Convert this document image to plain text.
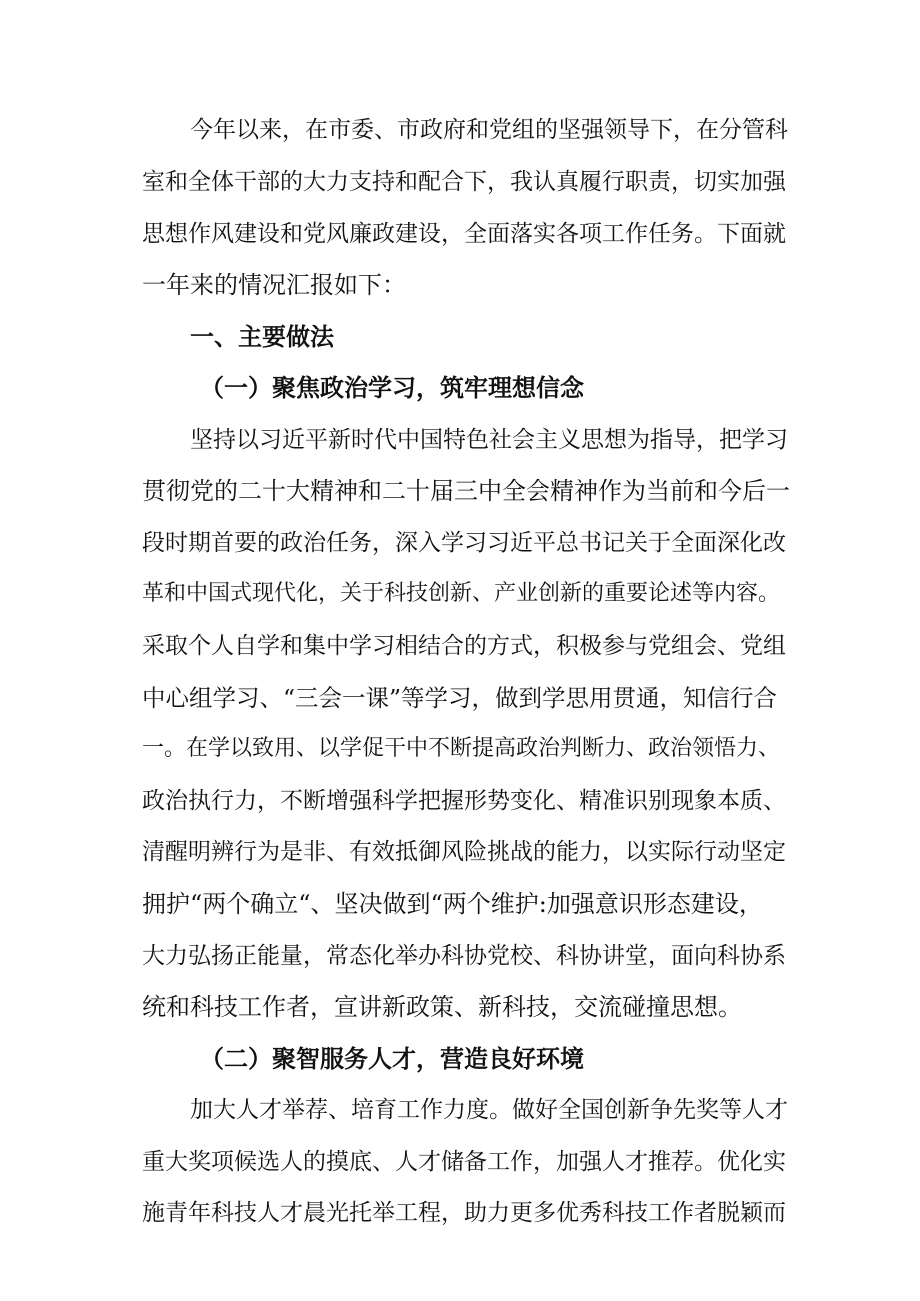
今年以来，在市委、市政府和党组的坚强领导下，在分管科
室和全体干部的大力支持和配合下，我认真履行职责，切实加强
思想作风建设和党风廉政建设，全面落实各项工作任务。下面就
一年来的情况汇报如下：
一、主要做法
（一）聚焦政治学习，筑牢理想信念
坚持以习近平新时代中国特色社会主义思想为指导，把学习
贯彻党的二十大精神和二十届三中全会精神作为当前和今后一
段时期首要的政治任务，深入学习习近平总书记关于全面深化改
革和中国式现代化，关于科技创新、产业创新的重要论述等内容。
采取个人自学和集中学习相结合的方式，积极参与党组会、党组
中心组学习、“三会一课”等学习，做到学思用贯通，知信行合
一。在学以致用、以学促干中不断提高政治判断力、政治领悟力、
政治执行力，不断增强科学把握形势变化、精准识别现象本质、
清醒明辨行为是非、有效抵御风险挑战的能力，以实际行动坚定
拥护“两个确立“、坚决做到“两个维护:加强意识形态建设，
大力弘扬正能量，常态化举办科协党校、科协讲堂，面向科协系
统和科技工作者，宣讲新政策、新科技，交流碰撞思想。
（二）聚智服务人才，营造良好环境
加大人才举荐、培育工作力度。做好全国创新争先奖等人才
重大奖项候选人的摸底、人才储备工作，加强人才推荐。优化实
施青年科技人才晨光托举工程，助力更多优秀科技工作者脱颖而
